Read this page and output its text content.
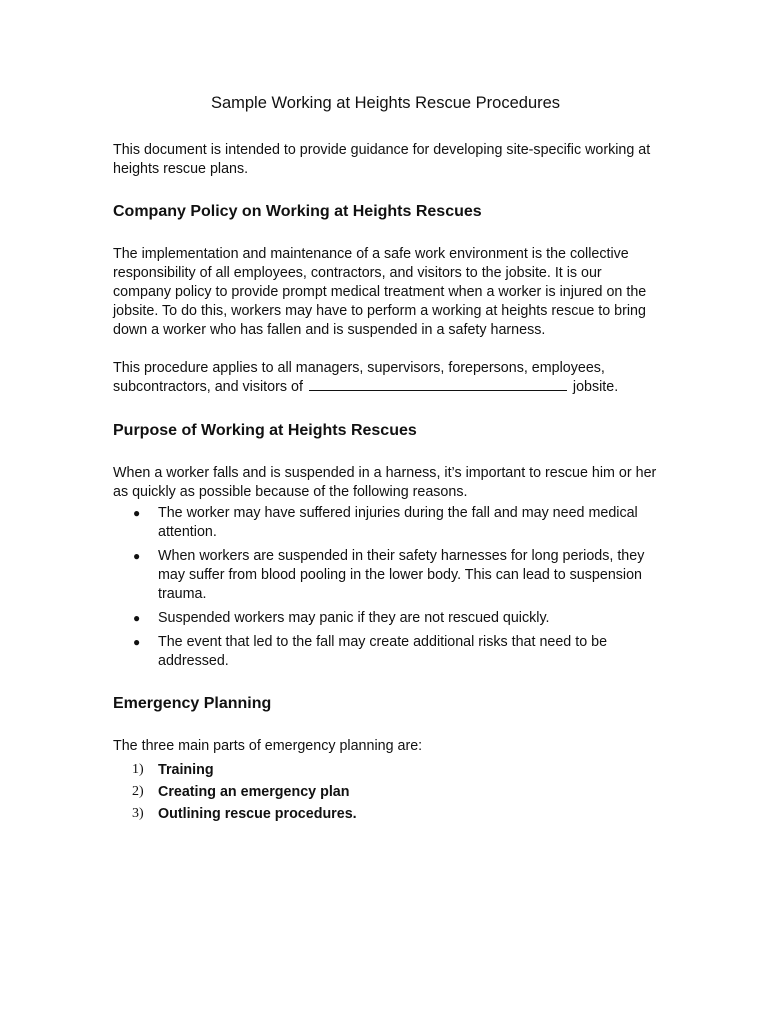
Sample Working at Heights Rescue Procedures

This document is intended to provide guidance for developing site-specific working at heights rescue plans.

Company Policy on Working at Heights Rescues

The implementation and maintenance of a safe work environment is the collective responsibility of all employees, contractors, and visitors to the jobsite. It is our company policy to provide prompt medical treatment when a worker is injured on the jobsite. To do this, workers may have to perform a working at heights rescue to bring down a worker who has fallen and is suspended in a safety harness.

This procedure applies to all managers, supervisors, forepersons, employees, subcontractors, and visitors of	jobsite.

Purpose of Working at Heights Rescues

When a worker falls and is suspended in a harness, it’s important to rescue him or her as quickly as possible because of the following reasons.

● The worker may have suffered injuries during the fall and may need medical attention.
● When workers are suspended in their safety harnesses for long periods, they may suffer from blood pooling in the lower body. This can lead to suspension trauma.
● Suspended workers may panic if they are not rescued quickly.
● The event that led to the fall may create additional risks that need to be addressed.
Emergency Planning

The three main parts of emergency planning are:

1) Training
2) Creating an emergency plan
3) Outlining rescue procedures.
